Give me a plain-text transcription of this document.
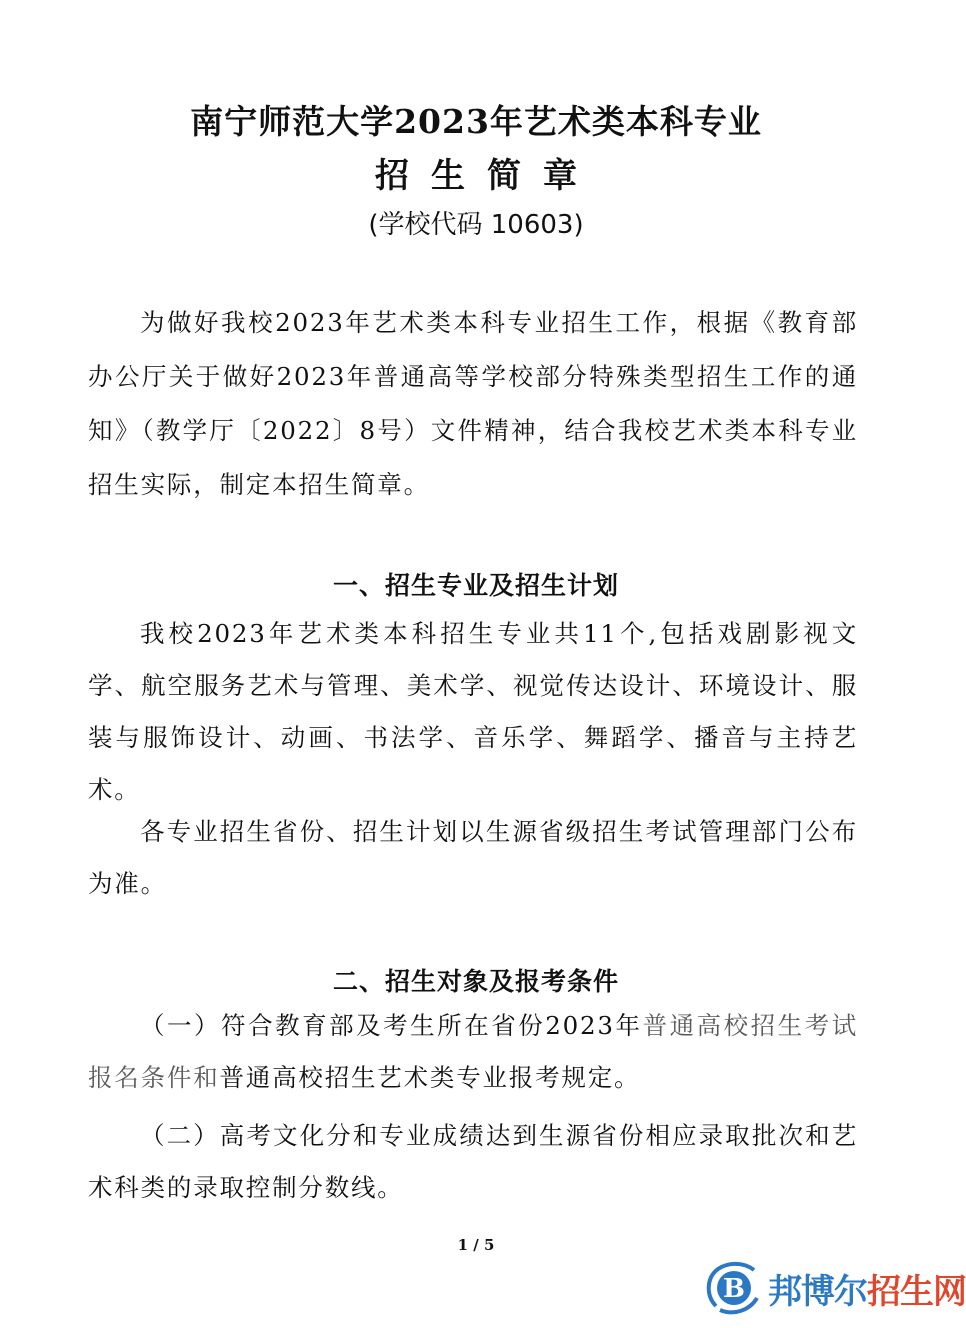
南宁师范大学2023年艺术类本科专业
招生简章
(学校代码 10603)
为做好我校2023年艺术类本科专业招生工作，根据《教育部办公厅关于做好2023年普通高等学校部分特殊类型招生工作的通知》（教学厅〔2022〕8号）文件精神，结合我校艺术类本科专业招生实际，制定本招生简章。
一、招生专业及招生计划
我校2023年艺术类本科招生专业共11个,包括戏剧影视文学、航空服务艺术与管理、美术学、视觉传达设计、环境设计、服装与服饰设计、动画、书法学、音乐学、舞蹈学、播音与主持艺术。
各专业招生省份、招生计划以生源省级招生考试管理部门公布为准。
二、招生对象及报考条件
（一）符合教育部及考生所在省份2023年普通高校招生考试报名条件和普通高校招生艺术类专业报考规定。
（二）高考文化分和专业成绩达到生源省份相应录取批次和艺术科类的录取控制分数线。
1 / 5
B 邦博尔招生网
